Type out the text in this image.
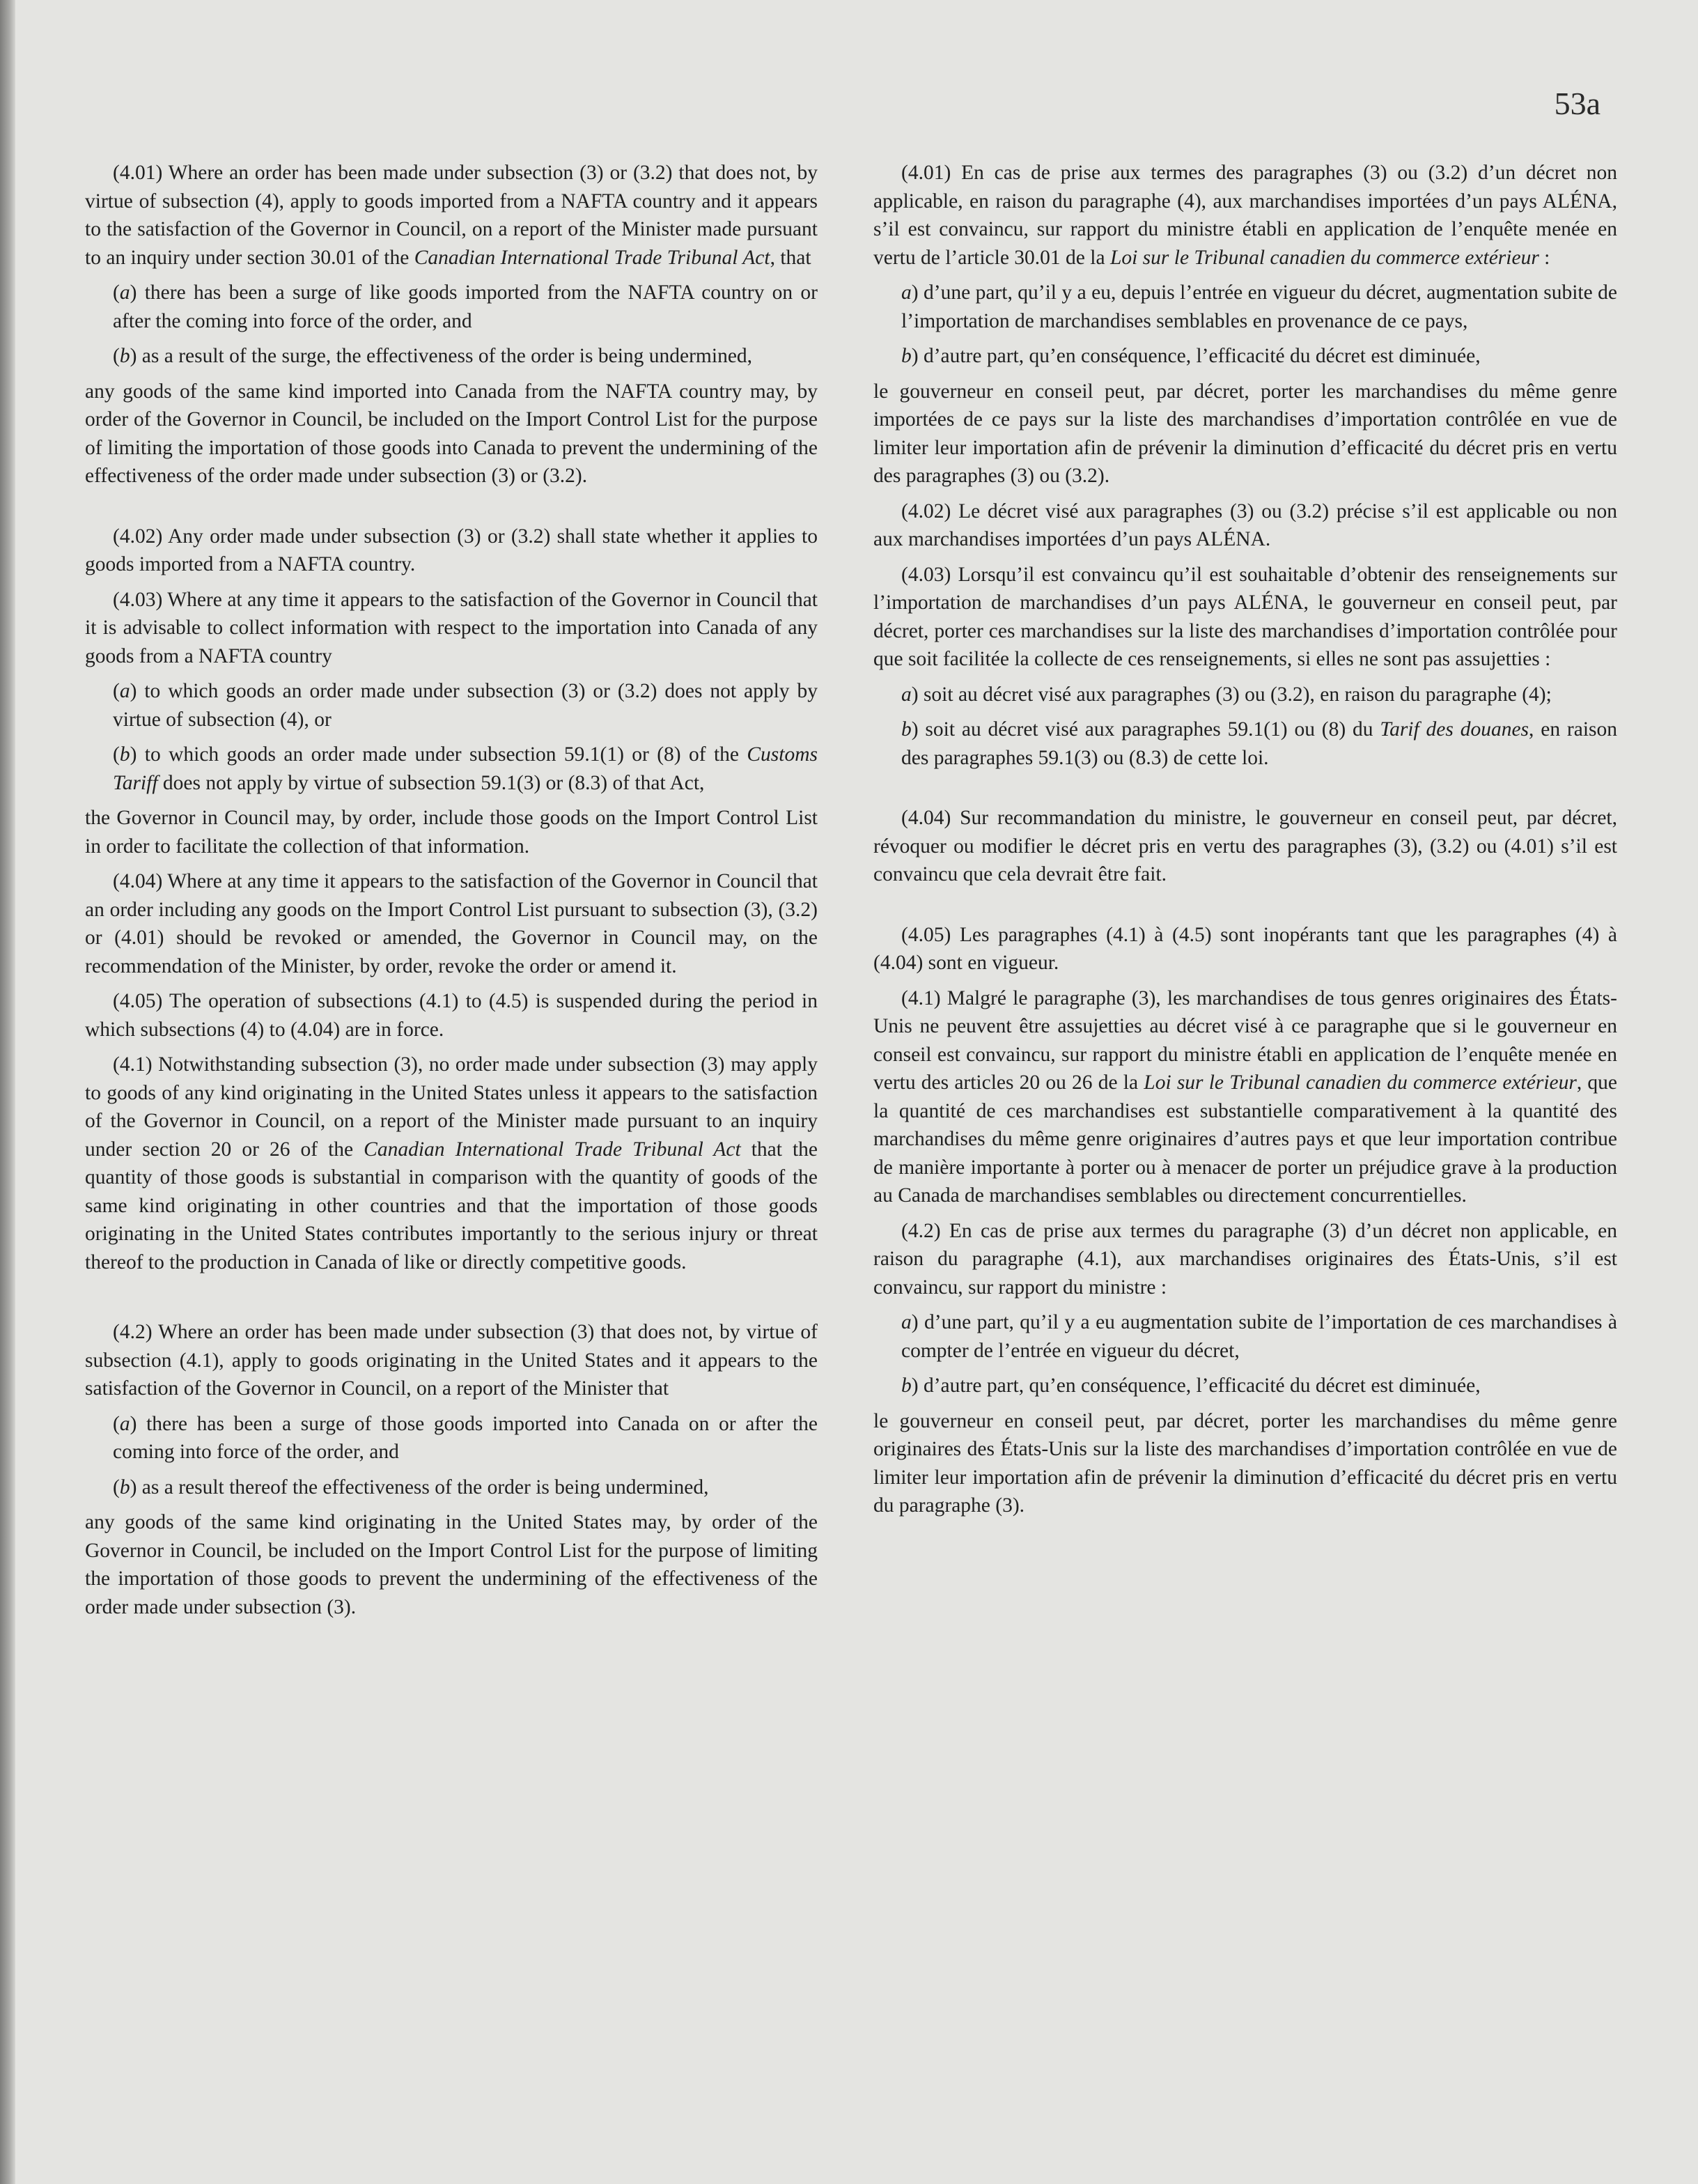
53a

(4.01) Where an order has been made under subsection (3) or (3.2) that does not, by virtue of subsection (4), apply to goods imported from a NAFTA country and it appears to the satisfaction of the Governor in Council, on a report of the Minister made pursuant to an inquiry under section 30.01 of the Canadian International Trade Tribunal Act, that

(a) there has been a surge of like goods imported from the NAFTA country on or after the coming into force of the order, and

(b) as a result of the surge, the effectiveness of the order is being undermined,

any goods of the same kind imported into Canada from the NAFTA country may, by order of the Governor in Council, be included on the Import Control List for the purpose of limiting the importation of those goods into Canada to prevent the undermining of the effectiveness of the order made under subsection (3) or (3.2).

(4.02) Any order made under subsection (3) or (3.2) shall state whether it applies to goods imported from a NAFTA country.

(4.03) Where at any time it appears to the satisfaction of the Governor in Council that it is advisable to collect information with respect to the importation into Canada of any goods from a NAFTA country

(a) to which goods an order made under subsection (3) or (3.2) does not apply by virtue of subsection (4), or

(b) to which goods an order made under subsection 59.1(1) or (8) of the Customs Tariff does not apply by virtue of subsection 59.1(3) or (8.3) of that Act,

the Governor in Council may, by order, include those goods on the Import Control List in order to facilitate the collection of that information.

(4.04) Where at any time it appears to the satisfaction of the Governor in Council that an order including any goods on the Import Control List pursuant to subsection (3), (3.2) or (4.01) should be revoked or amended, the Governor in Council may, on the recommendation of the Minister, by order, revoke the order or amend it.

(4.05) The operation of subsections (4.1) to (4.5) is suspended during the period in which subsections (4) to (4.04) are in force.

(4.1) Notwithstanding subsection (3), no order made under subsection (3) may apply to goods of any kind originating in the United States unless it appears to the satisfaction of the Governor in Council, on a report of the Minister made pursuant to an inquiry under section 20 or 26 of the Canadian International Trade Tribunal Act that the quantity of those goods is substantial in comparison with the quantity of goods of the same kind originating in other countries and that the importation of those goods originating in the United States contributes importantly to the serious injury or threat thereof to the production in Canada of like or directly competitive goods.

(4.2) Where an order has been made under subsection (3) that does not, by virtue of subsection (4.1), apply to goods originating in the United States and it appears to the satisfaction of the Governor in Council, on a report of the Minister that

(a) there has been a surge of those goods imported into Canada on or after the coming into force of the order, and

(b) as a result thereof the effectiveness of the order is being undermined,

any goods of the same kind originating in the United States may, by order of the Governor in Council, be included on the Import Control List for the purpose of limiting the importation of those goods to prevent the undermining of the effectiveness of the order made under subsection (3).

(4.01) En cas de prise aux termes des paragraphes (3) ou (3.2) d’un décret non applicable, en raison du paragraphe (4), aux marchandises importées d’un pays ALÉNA, s’il est convaincu, sur rapport du ministre établi en application de l’enquête menée en vertu de l’article 30.01 de la Loi sur le Tribunal canadien du commerce extérieur :

a) d’une part, qu’il y a eu, depuis l’entrée en vigueur du décret, augmentation subite de l’importation de marchandises semblables en provenance de ce pays,

b) d’autre part, qu’en conséquence, l’efficacité du décret est diminuée,

le gouverneur en conseil peut, par décret, porter les marchandises du même genre importées de ce pays sur la liste des marchandises d’importation contrôlée en vue de limiter leur importation afin de prévenir la diminution d’efficacité du décret pris en vertu des paragraphes (3) ou (3.2).

(4.02) Le décret visé aux paragraphes (3) ou (3.2) précise s’il est applicable ou non aux marchandises importées d’un pays ALÉNA.

(4.03) Lorsqu’il est convaincu qu’il est souhaitable d’obtenir des renseignements sur l’importation de marchandises d’un pays ALÉNA, le gouverneur en conseil peut, par décret, porter ces marchandises sur la liste des marchandises d’importation contrôlée pour que soit facilitée la collecte de ces renseignements, si elles ne sont pas assujetties :

a) soit au décret visé aux paragraphes (3) ou (3.2), en raison du paragraphe (4);

b) soit au décret visé aux paragraphes 59.1(1) ou (8) du Tarif des douanes, en raison des paragraphes 59.1(3) ou (8.3) de cette loi.

(4.04) Sur recommandation du ministre, le gouverneur en conseil peut, par décret, révoquer ou modifier le décret pris en vertu des paragraphes (3), (3.2) ou (4.01) s’il est convaincu que cela devrait être fait.

(4.05) Les paragraphes (4.1) à (4.5) sont inopérants tant que les paragraphes (4) à (4.04) sont en vigueur.

(4.1) Malgré le paragraphe (3), les marchandises de tous genres originaires des États-Unis ne peuvent être assujetties au décret visé à ce paragraphe que si le gouverneur en conseil est convaincu, sur rapport du ministre établi en application de l’enquête menée en vertu des articles 20 ou 26 de la Loi sur le Tribunal canadien du commerce extérieur, que la quantité de ces marchandises est substantielle comparativement à la quantité des marchandises du même genre originaires d’autres pays et que leur importation contribue de manière importante à porter ou à menacer de porter un préjudice grave à la production au Canada de marchandises semblables ou directement concurrentielles.

(4.2) En cas de prise aux termes du paragraphe (3) d’un décret non applicable, en raison du paragraphe (4.1), aux marchandises originaires des États-Unis, s’il est convaincu, sur rapport du ministre :

a) d’une part, qu’il y a eu augmentation subite de l’importation de ces marchandises à compter de l’entrée en vigueur du décret,

b) d’autre part, qu’en conséquence, l’efficacité du décret est diminuée,

le gouverneur en conseil peut, par décret, porter les marchandises du même genre originaires des États-Unis sur la liste des marchandises d’importation contrôlée en vue de limiter leur importation afin de prévenir la diminution d’efficacité du décret pris en vertu du paragraphe (3).
